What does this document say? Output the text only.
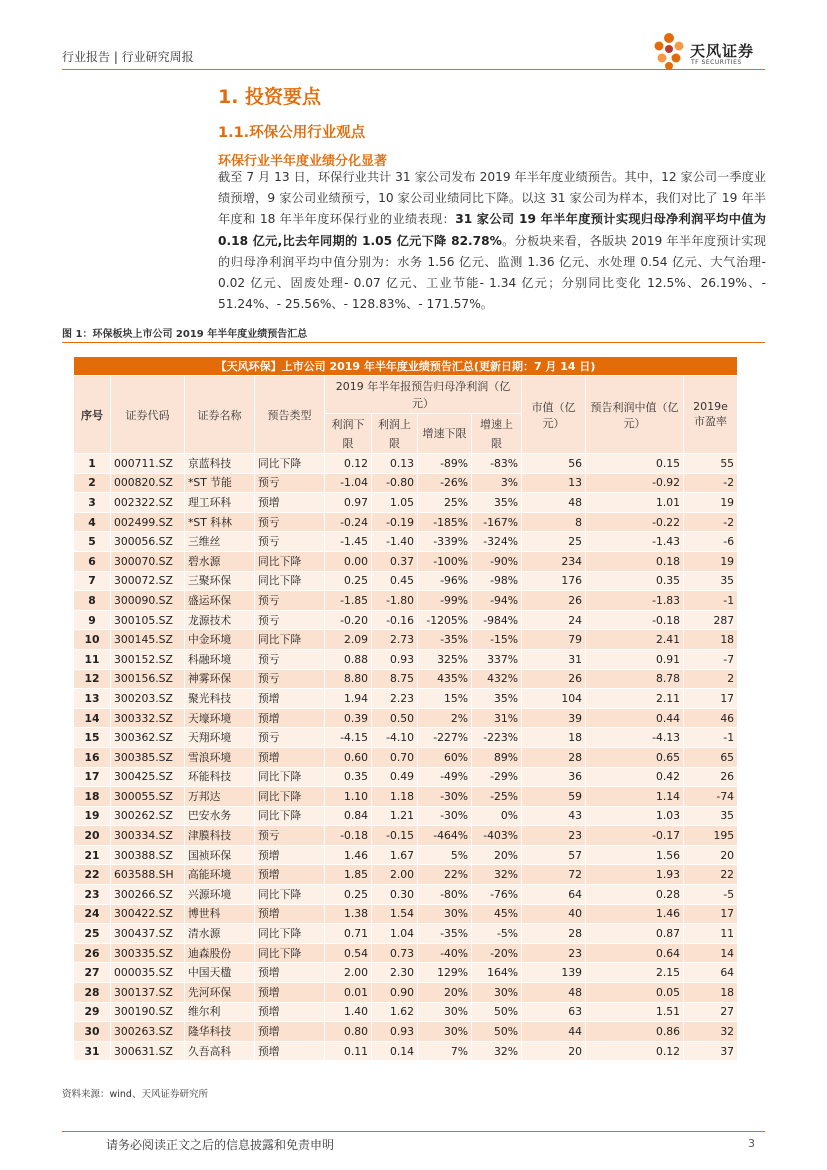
行业报告 | 行业研究周报	天风证券
TF SECURITIES
1. 投资要点
1.1.环保公用行业观点
环保行业半年度业绩分化显著
截至 7 月 13 日，环保行业共计 31 家公司发布 2019 年半年度业绩预告。其中，12 家公司一季度业绩预增，9 家公司业绩预亏，10 家公司业绩同比下降。以这 31 家公司为样本，我们对比了 19 年半年度和 18 年半年度环保行业的业绩表现：31 家公司 19 年半年度预计实现归母净利润平均中值为 0.18 亿元,比去年同期的 1.05 亿元下降 82.78%。分板块来看，各版块 2019 年半年度预计实现的归母净利润平均中值分别为：水务 1.56 亿元、监测 1.36 亿元、水处理 0.54 亿元、大气治理- 0.02 亿元、固废处理- 0.07 亿元、工业节能- 1.34 亿元；分别同比变化 12.5%、26.19%、- 51.24%、- 25.56%、- 128.83%、- 171.57%。
图 1：环保板块上市公司 2019 年半年度业绩预告汇总
【天风环保】上市公司 2019 年半年度业绩预告汇总(更新日期：7 月 14 日)										
序号	证券代码	证券名称	预告类型	2019 年半年报预告归母净利润（亿元）				市值（亿元）	预告利润中值（亿元）	2019e 市盈率
				利润下限	利润上限	增速下限	增速上限			

1	000711.SZ	京蓝科技	同比下降	0.12	0.13	-89%	-83%	56	0.15	55
2	000820.SZ	*ST 节能	预亏	-1.04	-0.80	-26%	3%	13	-0.92	-2
3	002322.SZ	理工环科	预增	0.97	1.05	25%	35%	48	1.01	19
4	002499.SZ	*ST 科林	预亏	-0.24	-0.19	-185%	-167%	8	-0.22	-2
5	300056.SZ	三维丝	预亏	-1.45	-1.40	-339%	-324%	25	-1.43	-6
6	300070.SZ	碧水源	同比下降	0.00	0.37	-100%	-90%	234	0.18	19
7	300072.SZ	三聚环保	同比下降	0.25	0.45	-96%	-98%	176	0.35	35
8	300090.SZ	盛运环保	预亏	-1.85	-1.80	-99%	-94%	26	-1.83	-1
9	300105.SZ	龙源技术	预亏	-0.20	-0.16	-1205%	-984%	24	-0.18	287
10	300145.SZ	中金环境	同比下降	2.09	2.73	-35%	-15%	79	2.41	18
11	300152.SZ	科融环境	预亏	0.88	0.93	325%	337%	31	0.91	-7
12	300156.SZ	神雾环保	预亏	8.80	8.75	435%	432%	26	8.78	2
13	300203.SZ	聚光科技	预增	1.94	2.23	15%	35%	104	2.11	17
14	300332.SZ	天壕环境	预增	0.39	0.50	2%	31%	39	0.44	46
15	300362.SZ	天翔环境	预亏	-4.15	-4.10	-227%	-223%	18	-4.13	-1
16	300385.SZ	雪浪环境	预增	0.60	0.70	60%	89%	28	0.65	65
17	300425.SZ	环能科技	同比下降	0.35	0.49	-49%	-29%	36	0.42	26
18	300055.SZ	万邦达	同比下降	1.10	1.18	-30%	-25%	59	1.14	-74
19	300262.SZ	巴安水务	同比下降	0.84	1.21	-30%	0%	43	1.03	35
20	300334.SZ	津膜科技	预亏	-0.18	-0.15	-464%	-403%	23	-0.17	195
21	300388.SZ	国祯环保	预增	1.46	1.67	5%	20%	57	1.56	20
22	603588.SH	高能环境	预增	1.85	2.00	22%	32%	72	1.93	22
23	300266.SZ	兴源环境	同比下降	0.25	0.30	-80%	-76%	64	0.28	-5
24	300422.SZ	博世科	预增	1.38	1.54	30%	45%	40	1.46	17
25	300437.SZ	清水源	同比下降	0.71	1.04	-35%	-5%	28	0.87	11
26	300335.SZ	迪森股份	同比下降	0.54	0.73	-40%	-20%	23	0.64	14
27	000035.SZ	中国天楹	预增	2.00	2.30	129%	164%	139	2.15	64
28	300137.SZ	先河环保	预增	0.01	0.90	20%	30%	48	0.05	18
29	300190.SZ	维尔利	预增	1.40	1.62	30%	50%	63	1.51	27
30	300263.SZ	隆华科技	预增	0.80	0.93	30%	50%	44	0.86	32
31	300631.SZ	久吾高科	预增	0.11	0.14	7%	32%	20	0.12	37
资料来源：wind、天风证券研究所
请务必阅读正文之后的信息披露和免责申明	3
